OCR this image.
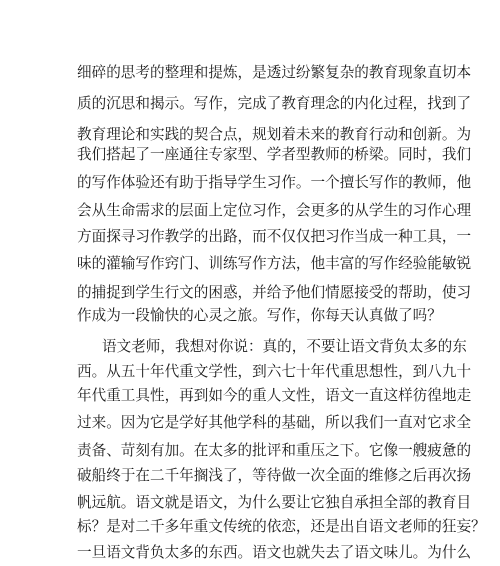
细碎的思考的整理和提炼，是透过纷繁复杂的教育现象直切本
质的沉思和揭示。写作，完成了教育理念的内化过程，找到了
教育理论和实践的契合点，规划着未来的教育行动和创新。为
我们搭起了一座通往专家型、学者型教师的桥梁。同时，我们
的写作体验还有助于指导学生习作。一个擅长写作的教师，他
会从生命需求的层面上定位习作，会更多的从学生的习作心理
方面探寻习作教学的出路，而不仅仅把习作当成一种工具，一
味的灌输写作窍门、训练写作方法，他丰富的写作经验能敏锐
的捕捉到学生行文的困惑，并给予他们情愿接受的帮助，使习
作成为一段愉快的心灵之旅。写作，你每天认真做了吗？
语文老师，我想对你说：真的，不要让语文背负太多的东
西。从五十年代重文学性，到六七十年代重思想性，到八九十
年代重工具性，再到如今的重人文性，语文一直这样彷徨地走
过来。因为它是学好其他学科的基础，所以我们一直对它求全
责备、苛刻有加。在太多的批评和重压之下。它像一艘疲惫的
破船终于在二千年搁浅了，等待做一次全面的维修之后再次扬
帆远航。语文就是语文，为什么要让它独自承担全部的教育目
标？是对二千多年重文传统的依恋，还是出自语文老师的狂妄？
一旦语文背负太多的东西。语文也就失去了语文味儿。为什么
